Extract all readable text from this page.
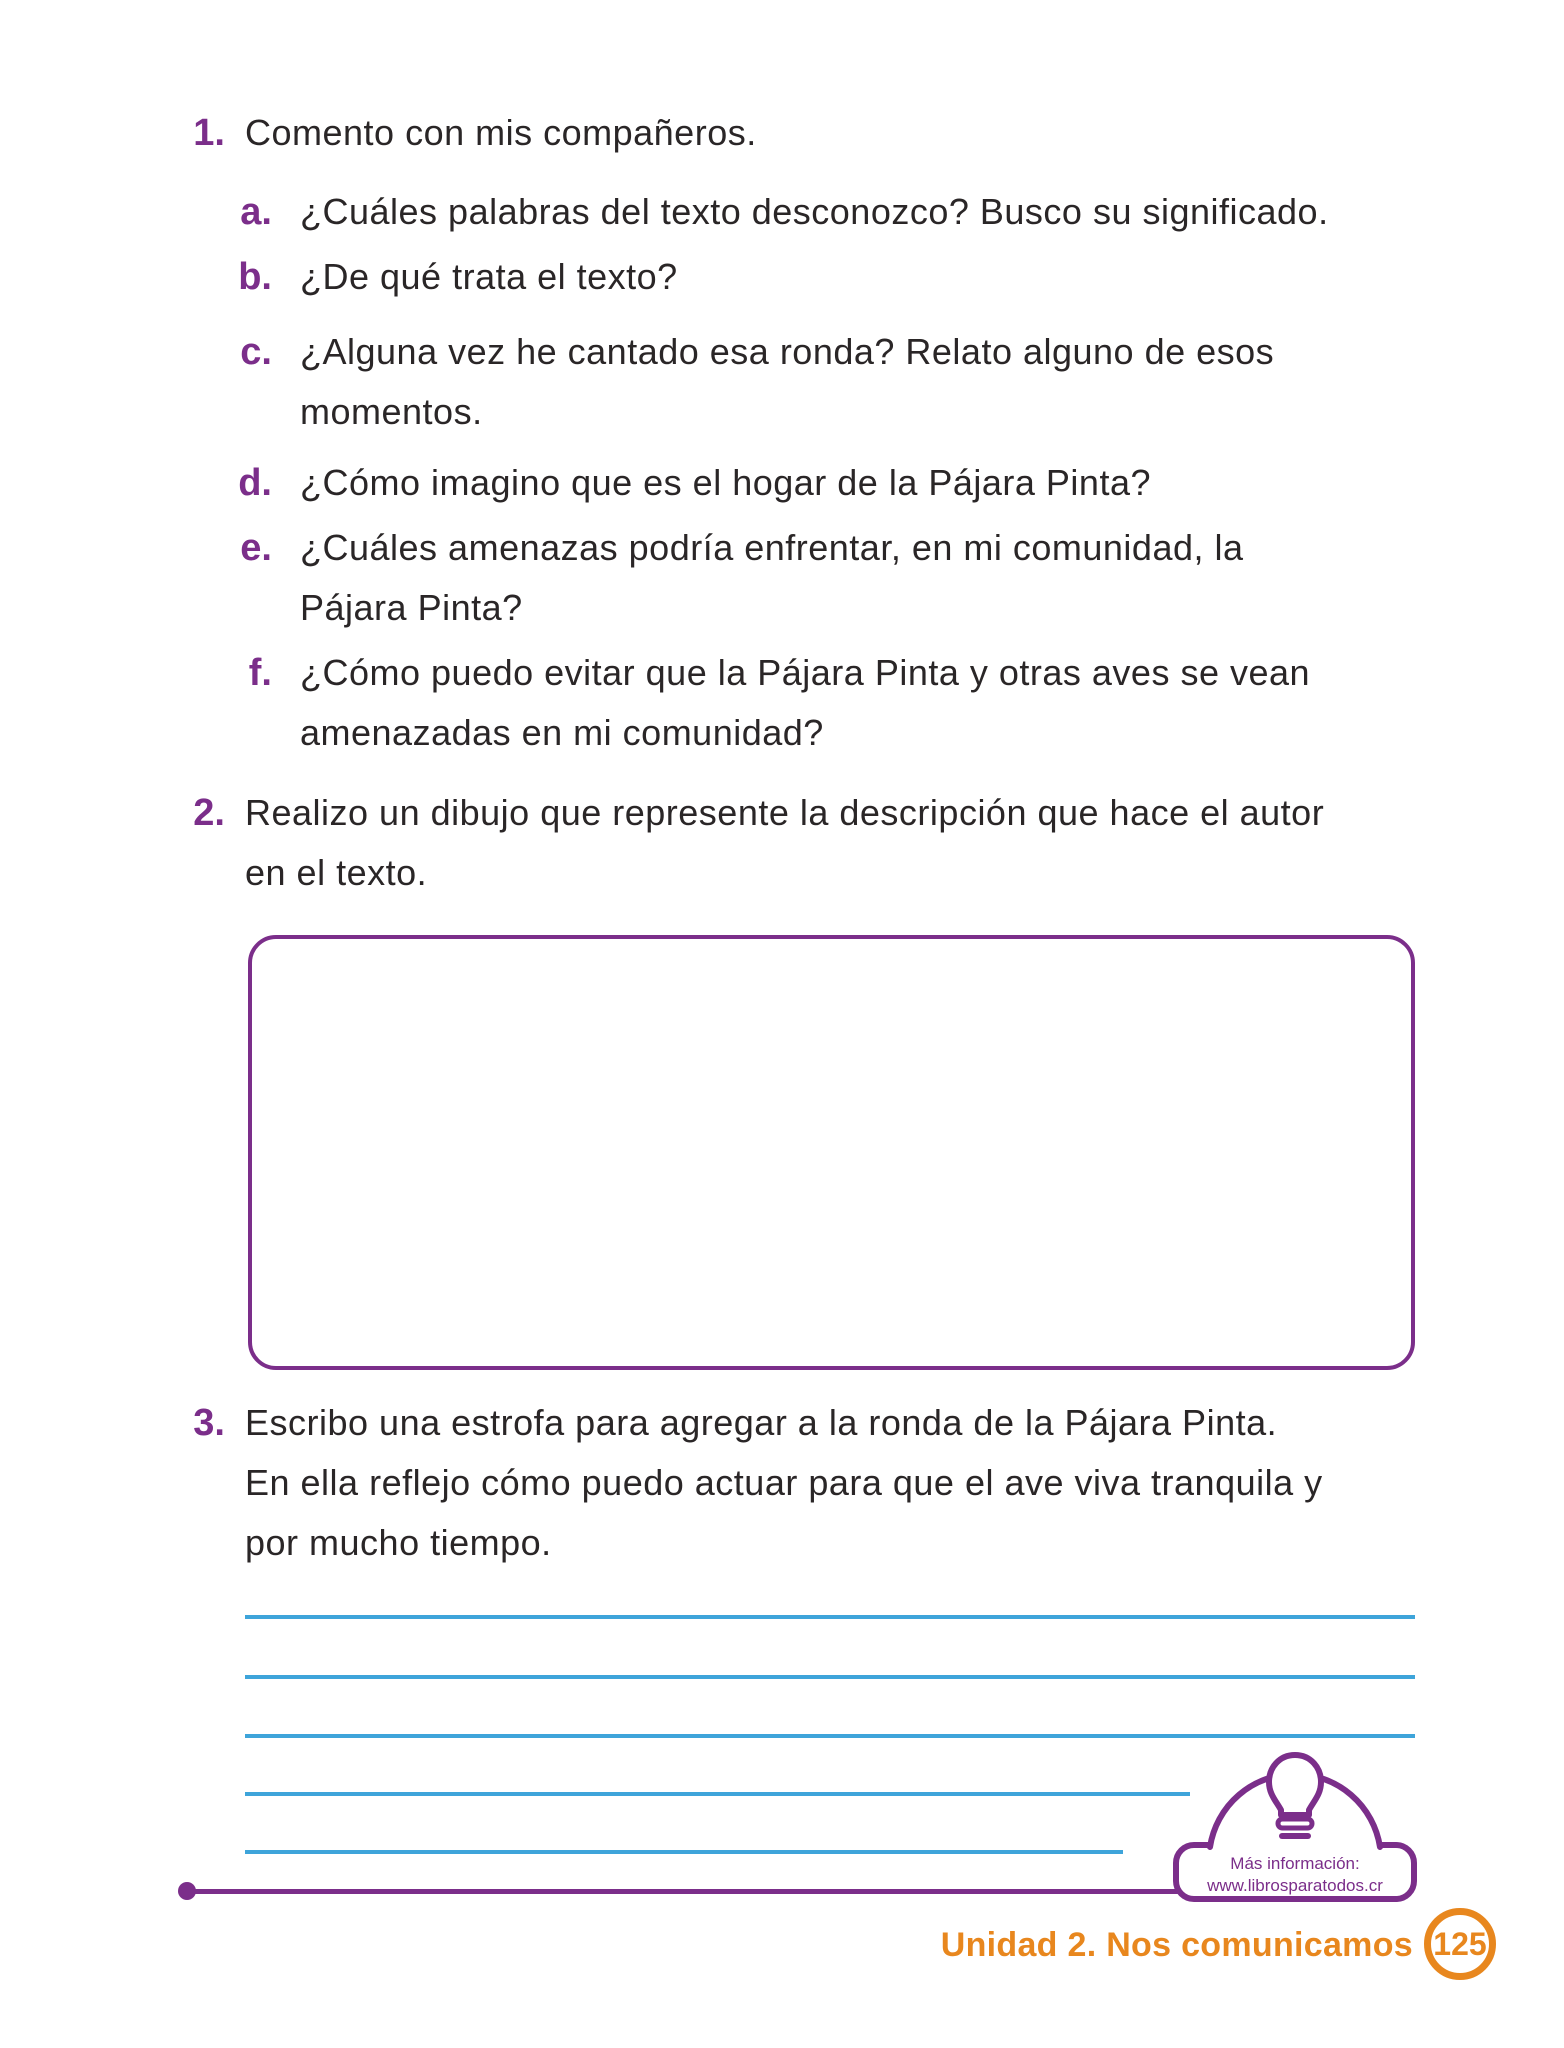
1. Comento con mis compañeros.
a. ¿Cuáles palabras del texto desconozco? Busco su significado.
b. ¿De qué trata el texto?
c. ¿Alguna vez he cantado esa ronda? Relato alguno de esos
momentos.
d. ¿Cómo imagino que es el hogar de la Pájara Pinta?
e. ¿Cuáles amenazas podría enfrentar, en mi comunidad, la
Pájara Pinta?
f. ¿Cómo puedo evitar que la Pájara Pinta y otras aves se vean
amenazadas en mi comunidad?
2. Realizo un dibujo que represente la descripción que hace el autor
en el texto.
3. Escribo una estrofa para agregar a la ronda de la Pájara Pinta.
En ella reflejo cómo puedo actuar para que el ave viva tranquila y
por mucho tiempo.
Más información:
www.librosparatodos.cr
Unidad 2. Nos comunicamos 125
